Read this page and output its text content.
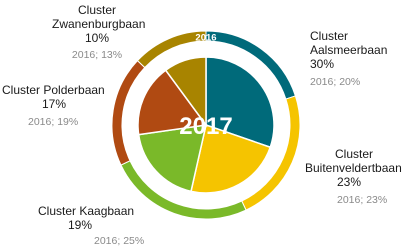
2017
2016
Cluster
Zwanenburgbaan
10%
2016; 13%
Cluster
Aalsmeerbaan
30%
2016; 20%
Cluster Polderbaan
17%
2016; 19%
Cluster
Buitenveldertbaan
23%
2016; 23%
Cluster Kaagbaan
19%
2016; 25%
